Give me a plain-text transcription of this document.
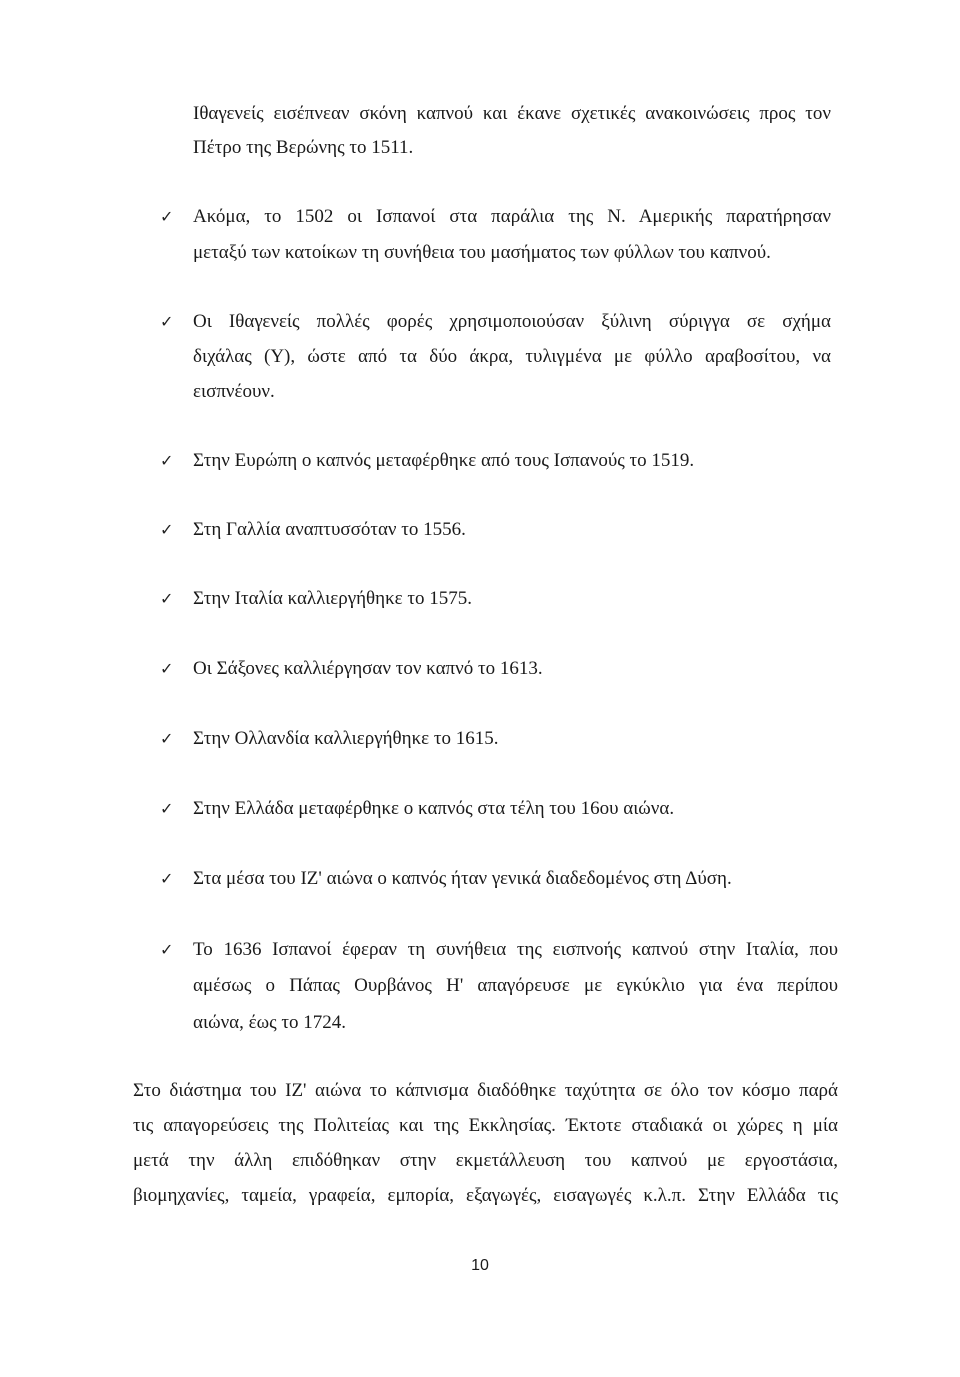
Ιθαγενείς εισέπνεαν σκόνη καπνού και έκανε σχετικές ανακοινώσεις προς τον
Πέτρο της Βερώνης το 1511.
✓ Ακόμα, το 1502 οι Ισπανοί στα παράλια της Ν. Αμερικής παρατήρησαν
μεταξύ των κατοίκων τη συνήθεια του μασήματος των φύλλων του καπνού.
✓ Οι Ιθαγενείς πολλές φορές χρησιμοποιούσαν ξύλινη σύριγγα σε σχήμα
διχάλας (Υ), ώστε από τα δύο άκρα, τυλιγμένα με φύλλο αραβοσίτου, να
εισπνέουν.
✓ Στην Ευρώπη ο καπνός μεταφέρθηκε από τους Ισπανούς το 1519.
✓ Στη Γαλλία αναπτυσσόταν το 1556.
✓ Στην Ιταλία καλλιεργήθηκε το 1575.
✓ Οι Σάξονες καλλιέργησαν τον καπνό το 1613.
✓ Στην Ολλανδία καλλιεργήθηκε το 1615.
✓ Στην Ελλάδα μεταφέρθηκε ο καπνός στα τέλη του 16ου αιώνα.
✓ Στα μέσα του ΙΖ' αιώνα ο καπνός ήταν γενικά διαδεδομένος στη Δύση.
✓ Το 1636 Ισπανοί έφεραν τη συνήθεια της εισπνοής καπνού στην Ιταλία, που
αμέσως ο Πάπας Ουρβάνος Η' απαγόρευσε με εγκύκλιο για ένα περίπου
αιώνα, έως το 1724.
Στο διάστημα του ΙΖ' αιώνα το κάπνισμα διαδόθηκε ταχύτητα σε όλο τον κόσμο παρά
τις απαγορεύσεις της Πολιτείας και της Εκκλησίας. Έκτοτε σταδιακά οι χώρες η μία
μετά την άλλη επιδόθηκαν στην εκμετάλλευση του καπνού με εργοστάσια,
βιομηχανίες, ταμεία, γραφεία, εμπορία, εξαγωγές, εισαγωγές κ.λ.π. Στην Ελλάδα τις
10
